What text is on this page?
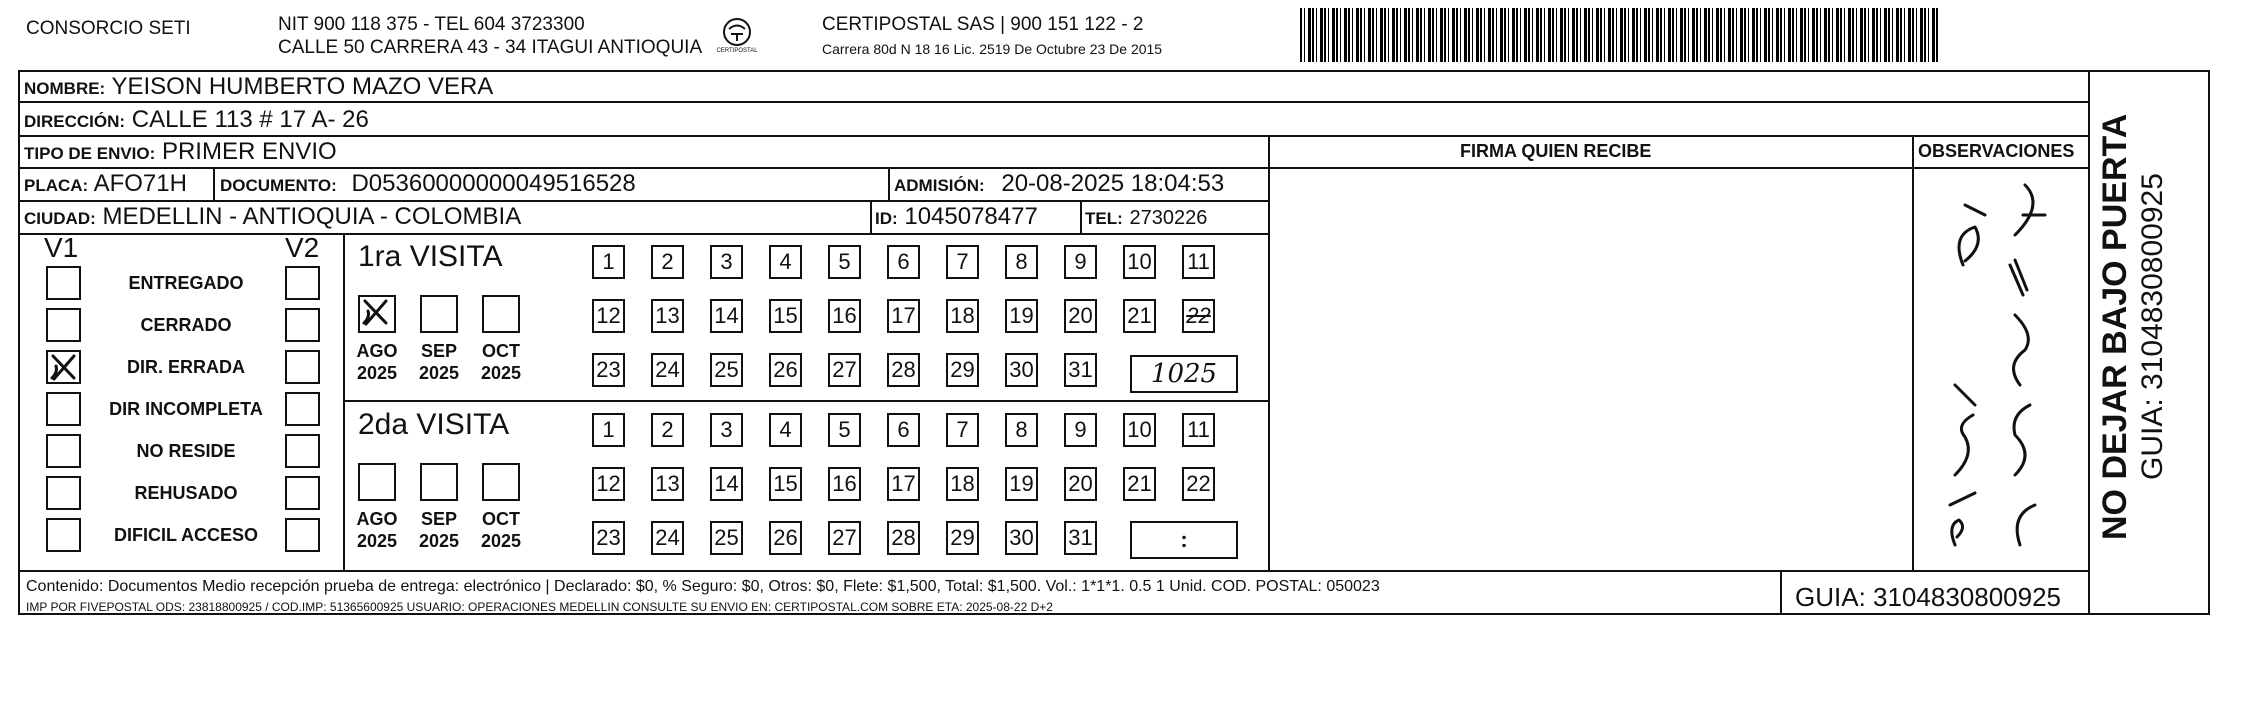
CONSORCIO SETI	NIT 900 118 375 - TEL 604 3723300
CALLE 50 CARRERA 43 - 34 ITAGUI ANTIOQUIA	CERTIPOSTAL
CERTIPOSTAL SAS | 900 151 122 - 2
Carrera 80d N 18 16 Lic. 2519 De Octubre 23 De 2015
NOMBRE: YEISON HUMBERTO MAZO VERA
DIRECCIÓN: CALLE 113 # 17 A- 26
TIPO DE ENVIO: PRIMER ENVIO	FIRMA QUIEN RECIBE	OBSERVACIONES
PLACA: AFO71H DOCUMENTO: D05360000000049516528	ADMISIÓN: 20-08-2025 18:04:53
CIUDAD: MEDELLIN - ANTIOQUIA - COLOMBIA	ID: 1045078477	TEL: 2730226
V1	V2
ENTREGADO
CERRADO
DIR. ERRADA
DIR INCOMPLETA
NO RESIDE
REHUSADO
DIFICIL ACCESO
1ra VISITA
AGO
2025
SEP
2025
OCT
2025
1	2	3	4	5	6	7	8	9	10 11
12 13 14 15 16 17 18 19 20 21 22
23 24 25 26 27 28 29 30 31	1025
2da VISITA
AGO
2025
SEP
2025
OCT
2025
1	2	3	4	5	6	7	8	9	10 11
12 13 14 15 16 17 18 19 20 21 22
23 24 25 26 27 28 29 30 31	:
Contenido: Documentos Medio recepción prueba de entrega: electrónico | Declarado: $0, % Seguro: $0, Otros: $0, Flete: $1,500, Total: $1,500. Vol.: 1*1*1. 0.5 1 Unid. COD. POSTAL: 050023
IMP POR FIVEPOSTAL ODS: 23818800925 / COD.IMP: 51365600925 USUARIO: OPERACIONES MEDELLIN CONSULTE SU ENVIO EN: CERTIPOSTAL.COM SOBRE ETA: 2025-08-22 D+2	GUIA: 3104830800925
NO DEJAR BAJO PUERTA GUIA: 3104830800925
